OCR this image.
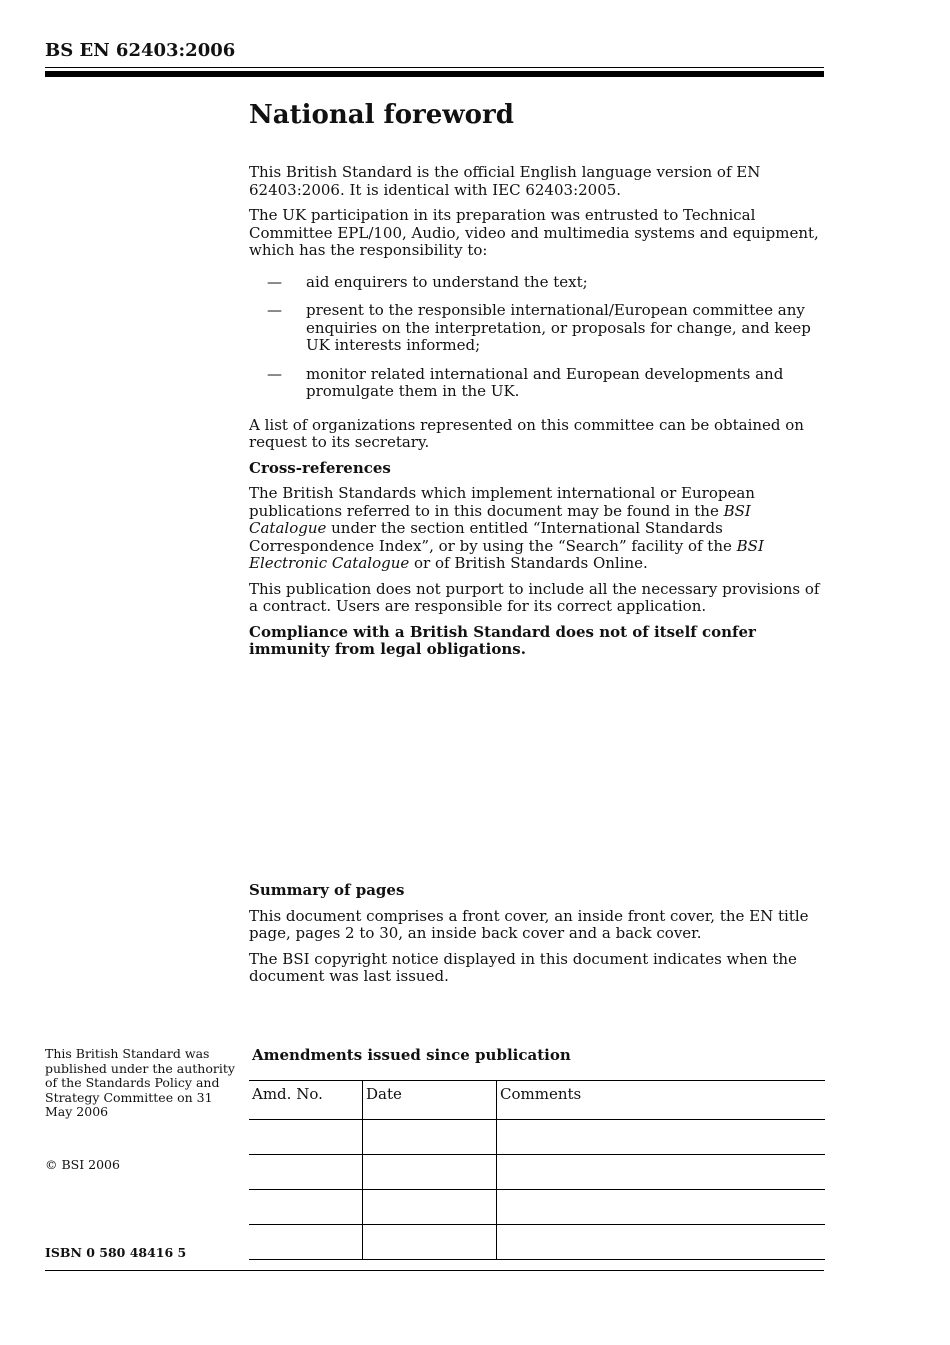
BS EN 62403:2006
National foreword

This British Standard is the official English language version of EN 62403:2006. It is identical with IEC 62403:2005.

The UK participation in its preparation was entrusted to Technical Committee EPL/100, Audio, video and multimedia systems and equipment, which has the responsibility to:

— aid enquirers to understand the text;
— present to the responsible international/European committee any enquiries on the interpretation, or proposals for change, and keep UK interests informed;
— monitor related international and European developments and promulgate them in the UK.

A list of organizations represented on this committee can be obtained on request to its secretary.

Cross-references

The British Standards which implement international or European publications referred to in this document may be found in the BSI Catalogue under the section entitled “International Standards Correspondence Index”, or by using the “Search” facility of the BSI Electronic Catalogue or of British Standards Online.

This publication does not purport to include all the necessary provisions of a contract. Users are responsible for its correct application.

Compliance with a British Standard does not of itself confer immunity from legal obligations.

Summary of pages

This document comprises a front cover, an inside front cover, the EN title page, pages 2 to 30, an inside back cover and a back cover.

The BSI copyright notice displayed in this document indicates when the document was last issued.

This British Standard was published under the authority of the Standards Policy and Strategy Committee on 31 May 2006
© BSI 2006
Amendments issued since publication
Amd. No.	Date	Comments

ISBN 0 580 48416 5
